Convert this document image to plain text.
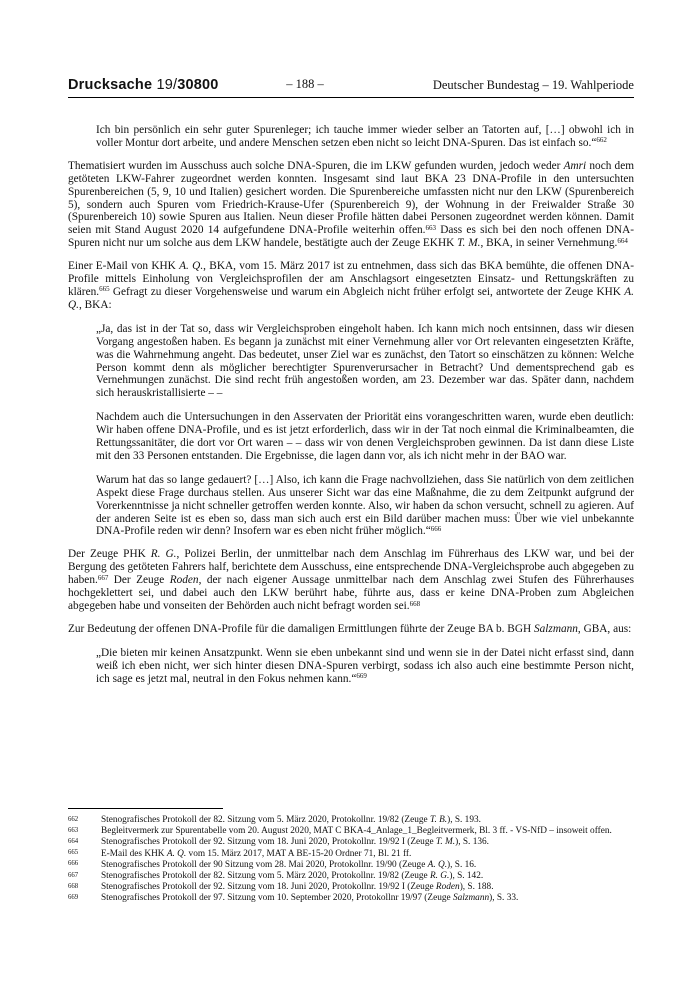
Drucksache 19/30800	– 188 –	Deutscher Bundestag – 19. Wahlperiode

Ich bin persönlich ein sehr guter Spurenleger; ich tauche immer wieder selber an Tatorten auf, […] obwohl ich in voller Montur dort arbeite, und andere Menschen setzen eben nicht so leicht DNA-Spuren. Das ist einfach so.“$^{662}$

Thematisiert wurden im Ausschuss auch solche DNA-Spuren, die im LKW gefunden wurden, jedoch weder Amri noch dem getöteten LKW-Fahrer zugeordnet werden konnten. Insgesamt sind laut BKA 23 DNA-Profile in den untersuchten Spurenbereichen (5, 9, 10 und Italien) gesichert worden. Die Spurenbereiche umfassten nicht nur den LKW (Spurenbereich 5), sondern auch Spuren vom Friedrich-Krause-Ufer (Spurenbereich 9), der Wohnung in der Freiwalder Straße 30 (Spurenbereich 10) sowie Spuren aus Italien. Neun dieser Profile hätten dabei Personen zugeordnet werden können. Damit seien mit Stand August 2020 14 aufgefundene DNA-Profile weiterhin offen.$^{663}$ Dass es sich bei den noch offenen DNA-Spuren nicht nur um solche aus dem LKW handele, bestätigte auch der Zeuge EKHK T. M., BKA, in seiner Vernehmung.$^{664}$

Einer E-Mail von KHK A. Q., BKA, vom 15. März 2017 ist zu entnehmen, dass sich das BKA bemühte, die offenen DNA-Profile mittels Einholung von Vergleichsprofilen der am Anschlagsort eingesetzten Einsatz- und Rettungskräften zu klären.$^{665}$ Gefragt zu dieser Vorgehensweise und warum ein Abgleich nicht früher erfolgt sei, antwortete der Zeuge KHK A. Q., BKA:

„Ja, das ist in der Tat so, dass wir Vergleichsproben eingeholt haben. Ich kann mich noch entsinnen, dass wir diesen Vorgang angestoßen haben. Es begann ja zunächst mit einer Vernehmung aller vor Ort relevanten eingesetzten Kräfte, was die Wahrnehmung angeht. Das bedeutet, unser Ziel war es zunächst, den Tatort so einschätzen zu können: Welche Person kommt denn als möglicher berechtigter Spurenverursacher in Betracht? Und dementsprechend gab es Vernehmungen zunächst. Die sind recht früh angestoßen worden, am 23. Dezember war das. Später dann, nachdem sich herauskristallisierte – –

Nachdem auch die Untersuchungen in den Asservaten der Priorität eins vorangeschritten waren, wurde eben deutlich: Wir haben offene DNA-Profile, und es ist jetzt erforderlich, dass wir in der Tat noch einmal die Kriminalbeamten, die Rettungssanitäter, die dort vor Ort waren – – dass wir von denen Vergleichsproben gewinnen. Da ist dann diese Liste mit den 33 Personen entstanden. Die Ergebnisse, die lagen dann vor, als ich nicht mehr in der BAO war.

Warum hat das so lange gedauert? […] Also, ich kann die Frage nachvollziehen, dass Sie natürlich von dem zeitlichen Aspekt diese Frage durchaus stellen. Aus unserer Sicht war das eine Maßnahme, die zu dem Zeitpunkt aufgrund der Vorerkenntnisse ja nicht schneller getroffen werden konnte. Also, wir haben da schon versucht, schnell zu agieren. Auf der anderen Seite ist es eben so, dass man sich auch erst ein Bild darüber machen muss: Über wie viel unbekannte DNA-Profile reden wir denn? Insofern war es eben nicht früher möglich.“$^{666}$

Der Zeuge PHK R. G., Polizei Berlin, der unmittelbar nach dem Anschlag im Führerhaus des LKW war, und bei der Bergung des getöteten Fahrers half, berichtete dem Ausschuss, eine entsprechende DNA-Vergleichsprobe auch abgegeben zu haben.$^{667}$ Der Zeuge Roden, der nach eigener Aussage unmittelbar nach dem Anschlag zwei Stufen des Führerhauses hochgeklettert sei, und dabei auch den LKW berührt habe, führte aus, dass er keine DNA-Proben zum Abgleichen abgegeben habe und vonseiten der Behörden auch nicht befragt worden sei.$^{668}$

Zur Bedeutung der offenen DNA-Profile für die damaligen Ermittlungen führte der Zeuge BA b. BGH Salzmann, GBA, aus:

„Die bieten mir keinen Ansatzpunkt. Wenn sie eben unbekannt sind und wenn sie in der Datei nicht erfasst sind, dann weiß ich eben nicht, wer sich hinter diesen DNA-Spuren verbirgt, sodass ich also auch eine bestimmte Person nicht, ich sage es jetzt mal, neutral in den Fokus nehmen kann.“$^{669}$

662	Stenografisches Protokoll der 82. Sitzung vom 5. März 2020, Protokollnr. 19/82 (Zeuge T. B.), S. 193.
663	Begleitvermerk zur Spurentabelle vom 20. August 2020, MAT C BKA-4_Anlage_1_Begleitvermerk, Bl. 3 ff. - VS-NfD – insoweit offen.
664	Stenografisches Protokoll der 92. Sitzung vom 18. Juni 2020, Protokollnr. 19/92 I (Zeuge T. M.), S. 136.
665	E-Mail des KHK A. Q. vom 15. März 2017, MAT A BE-15-20 Ordner 71, Bl. 21 ff.
666	Stenografisches Protokoll der 90 Sitzung vom 28. Mai 2020, Protokollnr. 19/90 (Zeuge A. Q.), S. 16.
667	Stenografisches Protokoll der 82. Sitzung vom 5. März 2020, Protokollnr. 19/82 (Zeuge R. G.), S. 142.
668	Stenografisches Protokoll der 92. Sitzung vom 18. Juni 2020, Protokollnr. 19/92 I (Zeuge Roden), S. 188.
669	Stenografisches Protokoll der 97. Sitzung vom 10. September 2020, Protokollnr 19/97 (Zeuge Salzmann), S. 33.
